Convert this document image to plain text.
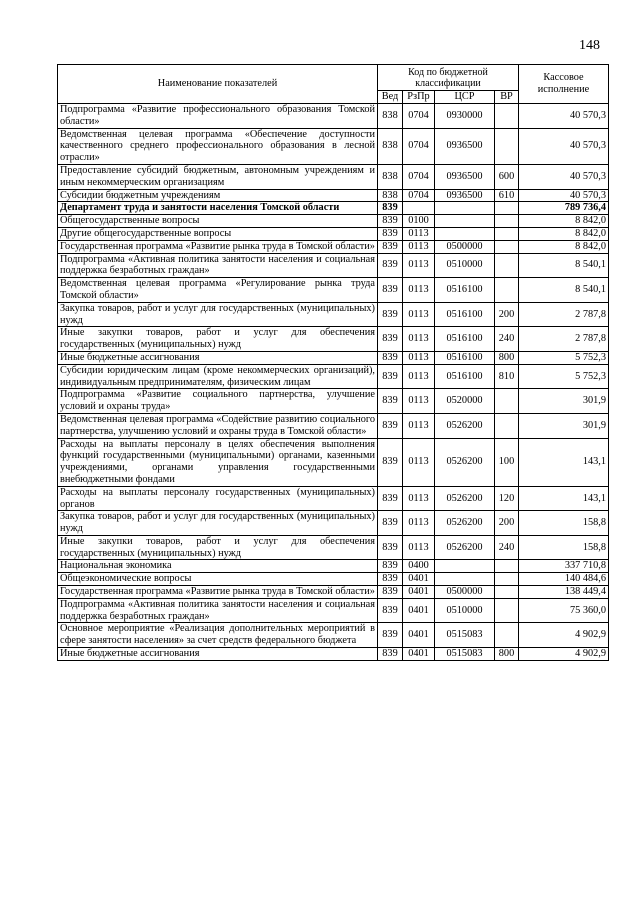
148
Наименование показателей	Код по бюджетной классификации				Кассовое исполнение
	Вед	РзПр	ЦСР	ВР	
Подпрограмма «Развитие профессионального образования Томской области»	838	0704	0930000		40 570,3
Ведомственная целевая программа «Обеспечение доступности качественного среднего профессионального образования в лесной отрасли»	838	0704	0936500		40 570,3
Предоставление субсидий бюджетным, автономным учреждениям и иным некоммерческим организациям	838	0704	0936500	600	40 570,3
Субсидии бюджетным учреждениям	838	0704	0936500	610	40 570,3
Департамент труда и занятости населения Томской области	839				789 736,4
Общегосударственные вопросы	839	0100			8 842,0
Другие общегосударственные вопросы	839	0113			8 842,0
Государственная программа «Развитие рынка труда в Томской области»	839	0113	0500000		8 842,0
Подпрограмма «Активная политика занятости населения и социальная поддержка безработных граждан»	839	0113	0510000		8 540,1
Ведомственная целевая программа «Регулирование рынка труда Томской области»	839	0113	0516100		8 540,1
Закупка товаров, работ и услуг для государственных (муниципальных) нужд	839	0113	0516100	200	2 787,8
Иные закупки товаров, работ и услуг для обеспечения государственных (муниципальных) нужд	839	0113	0516100	240	2 787,8
Иные бюджетные ассигнования	839	0113	0516100	800	5 752,3
Субсидии юридическим лицам (кроме некоммерческих организаций), индивидуальным предпринимателям, физическим лицам	839	0113	0516100	810	5 752,3
Подпрограмма «Развитие социального партнерства, улучшение условий и охраны труда»	839	0113	0520000		301,9
Ведомственная целевая программа «Содействие развитию социального партнерства, улучшению условий и охраны труда в Томской области»	839	0113	0526200		301,9
Расходы на выплаты персоналу в целях обеспечения выполнения функций государственными (муниципальными) органами, казенными учреждениями, органами управления государственными внебюджетными фондами	839	0113	0526200	100	143,1
Расходы на выплаты персоналу государственных (муниципальных) органов	839	0113	0526200	120	143,1
Закупка товаров, работ и услуг для государственных (муниципальных) нужд	839	0113	0526200	200	158,8
Иные закупки товаров, работ и услуг для обеспечения государственных (муниципальных) нужд	839	0113	0526200	240	158,8
Национальная экономика	839	0400			337 710,8
Общеэкономические вопросы	839	0401			140 484,6
Государственная программа «Развитие рынка труда в Томской области»	839	0401	0500000		138 449,4
Подпрограмма «Активная политика занятости населения и социальная поддержка безработных граждан»	839	0401	0510000		75 360,0
Основное мероприятие «Реализация дополнительных мероприятий в сфере занятости населения» за счет средств федерального бюджета	839	0401	0515083		4 902,9
Иные бюджетные ассигнования	839	0401	0515083	800	4 902,9
